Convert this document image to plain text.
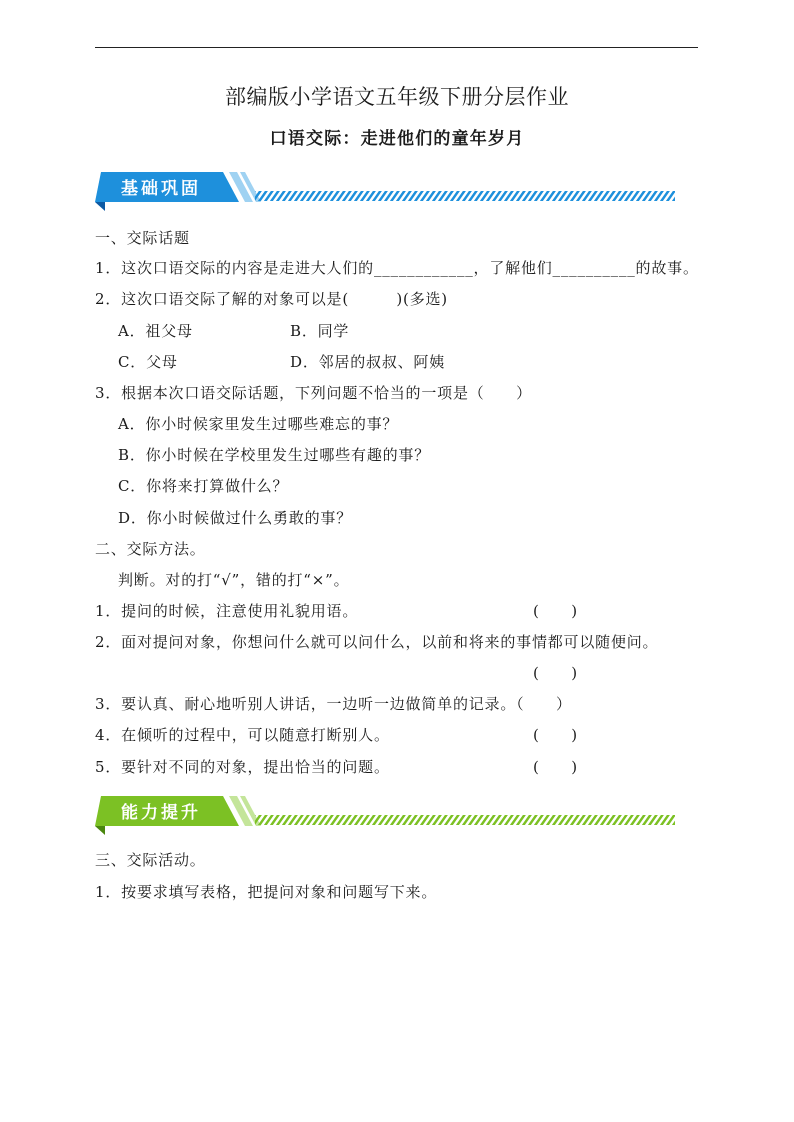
部编版小学语文五年级下册分层作业
口语交际：走进他们的童年岁月
基础巩固
一、交际话题
1．这次口语交际的内容是走进大人们的____________，了解他们__________的故事。
2．这次口语交际了解的对象可以是(　　　)(多选)
A．祖父母	B．同学
C．父母	D．邻居的叔叔、阿姨
3．根据本次口语交际话题，下列问题不恰当的一项是（　　）
A．你小时候家里发生过哪些难忘的事？
B．你小时候在学校里发生过哪些有趣的事？
C．你将来打算做什么？
D．你小时候做过什么勇敢的事？
二、交际方法。
判断。对的打“√”，错的打“×”。
1．提问的时候，注意使用礼貌用语。	(　　)
2．面对提问对象，你想问什么就可以问什么，以前和将来的事情都可以随便问。
(　　)
3．要认真、耐心地听别人讲话，一边听一边做简单的记录。（　　）
4．在倾听的过程中，可以随意打断别人。	(　　)
5．要针对不同的对象，提出恰当的问题。	(　　)
能力提升
三、交际活动。
1．按要求填写表格，把提问对象和问题写下来。
